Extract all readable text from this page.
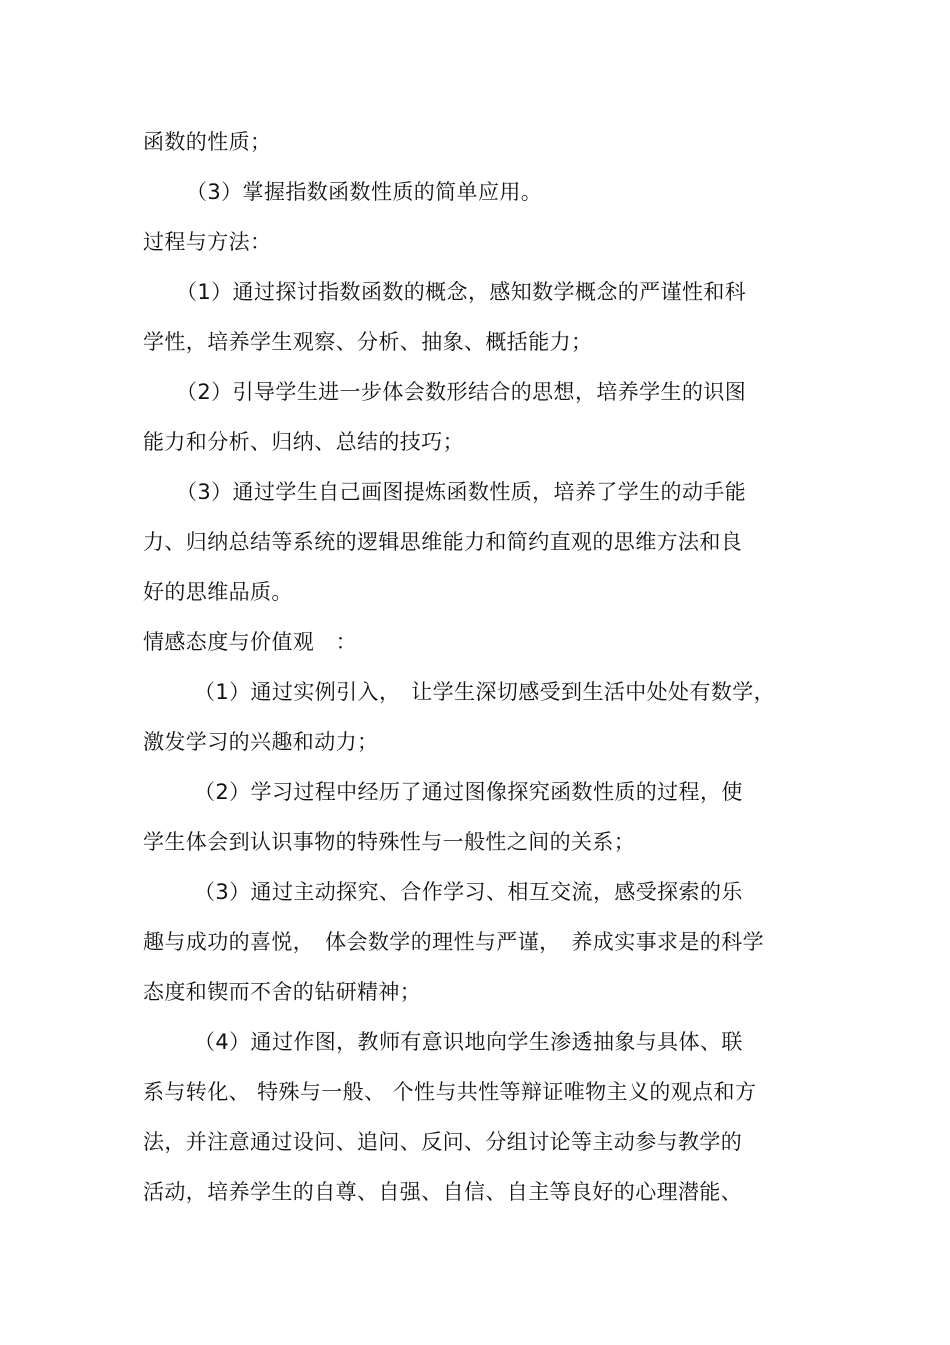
函数的性质；
（3）掌握指数函数性质的简单应用。
过程与方法：
（1）通过探讨指数函数的概念，感知数学概念的严谨性和科
学性，培养学生观察、分析、抽象、概括能力；
（2）引导学生进一步体会数形结合的思想，培养学生的识图
能力和分析、归纳、总结的技巧；
（3）通过学生自己画图提炼函数性质，培养了学生的动手能
力、归纳总结等系统的逻辑思维能力和简约直观的思维方法和良
好的思维品质。
情感态度与价值观　：
（1）通过实例引入，　让学生深切感受到生活中处处有数学，
激发学习的兴趣和动力；
（2）学习过程中经历了通过图像探究函数性质的过程，使
学生体会到认识事物的特殊性与一般性之间的关系；
（3）通过主动探究、合作学习、相互交流，感受探索的乐
趣与成功的喜悦，　体会数学的理性与严谨，　养成实事求是的科学
态度和锲而不舍的钻研精神；
（4）通过作图，教师有意识地向学生渗透抽象与具体、联
系与转化、 特殊与一般、 个性与共性等辩证唯物主义的观点和方
法，并注意通过设问、追问、反问、分组讨论等主动参与教学的
活动，培养学生的自尊、自强、自信、自主等良好的心理潜能、
